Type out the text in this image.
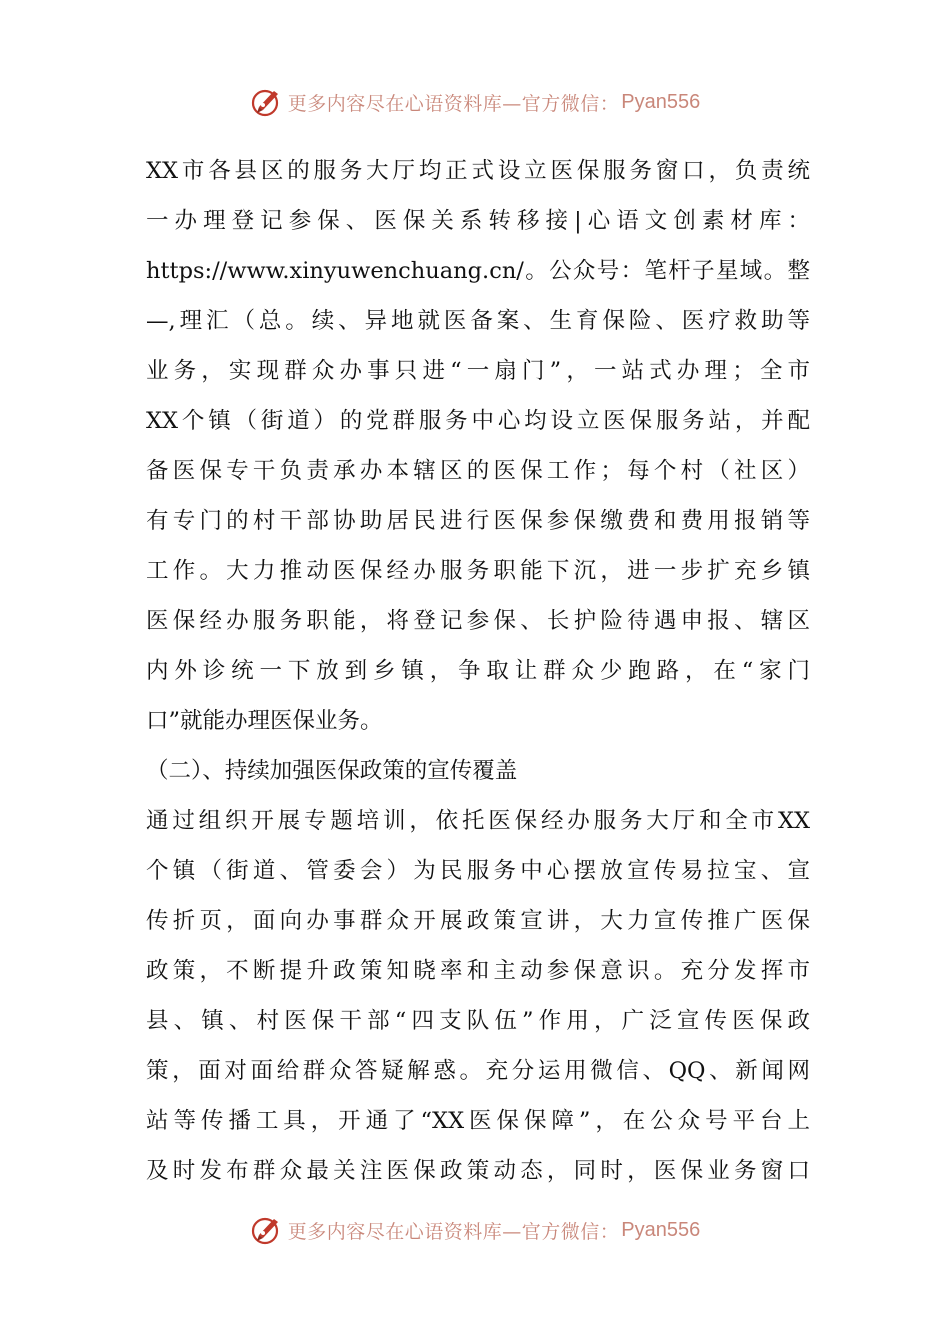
更多内容尽在心语资料库—官方微信： Pyan556
XX市各县区的服务大厅均正式设立医保服务窗口，负责统
一办理登记参保、医保关系转移接|心语文创素材库：
https://www.xinyuwenchuang.cn/。公众号：笔杆子星域。整
—,理汇（总。续、异地就医备案、生育保险、医疗救助等
业务，实现群众办事只进“一扇门”，一站式办理；全市
XX个镇（街道）的党群服务中心均设立医保服务站，并配
备医保专干负责承办本辖区的医保工作；每个村（社区）
有专门的村干部协助居民进行医保参保缴费和费用报销等
工作。大力推动医保经办服务职能下沉，进一步扩充乡镇
医保经办服务职能，将登记参保、长护险待遇申报、辖区
内外诊统一下放到乡镇，争取让群众少跑路，在“家门
口”就能办理医保业务。
（二）、持续加强医保政策的宣传覆盖
通过组织开展专题培训，依托医保经办服务大厅和全市XX
个镇（街道、管委会）为民服务中心摆放宣传易拉宝、宣
传折页，面向办事群众开展政策宣讲，大力宣传推广医保
政策，不断提升政策知晓率和主动参保意识。充分发挥市
县、镇、村医保干部“四支队伍”作用，广泛宣传医保政
策，面对面给群众答疑解惑。充分运用微信、QQ、新闻网
站等传播工具，开通了“XX医保保障”，在公众号平台上
及时发布群众最关注医保政策动态，同时，医保业务窗口
更多内容尽在心语资料库—官方微信： Pyan556
